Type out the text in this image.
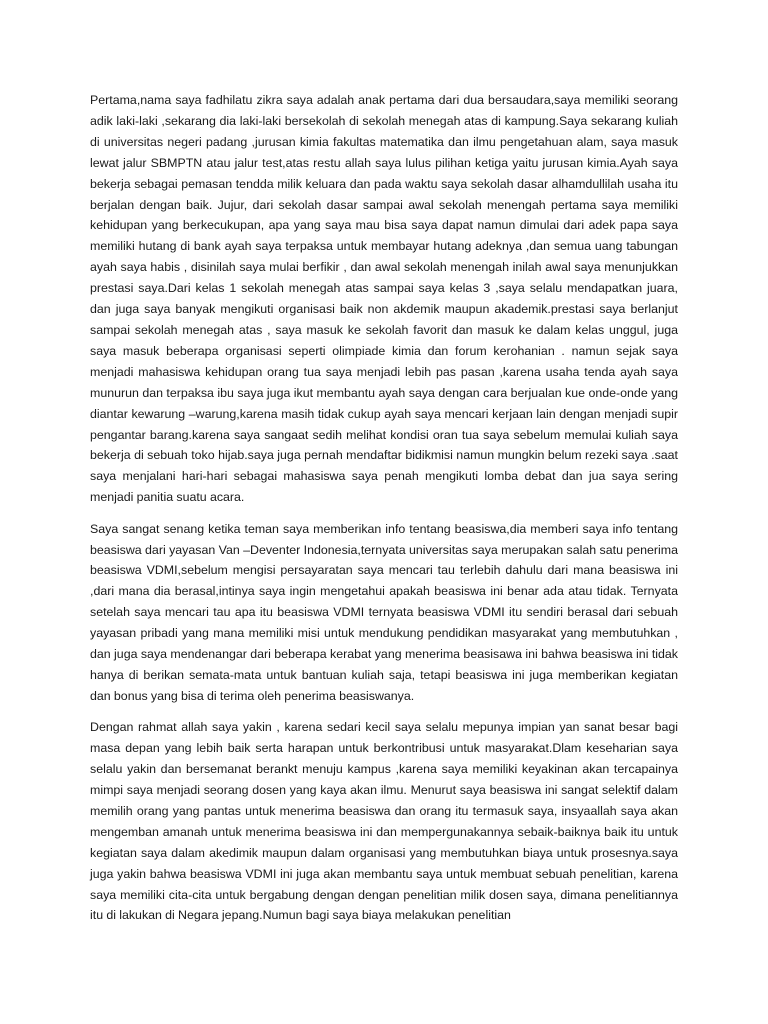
Pertama,nama saya fadhilatu zikra saya adalah anak pertama dari dua bersaudara,saya memiliki seorang adik laki-laki ,sekarang dia laki-laki bersekolah di sekolah menegah atas di kampung.Saya sekarang kuliah di universitas negeri padang ,jurusan kimia fakultas matematika dan ilmu pengetahuan alam, saya masuk lewat jalur SBMPTN atau jalur test,atas restu allah saya lulus pilihan ketiga yaitu jurusan kimia.Ayah saya bekerja sebagai pemasan tendda milik keluara dan pada waktu saya sekolah dasar alhamdullilah usaha itu berjalan dengan baik. Jujur, dari sekolah dasar sampai awal sekolah menengah pertama saya memiliki kehidupan yang berkecukupan, apa yang saya mau bisa saya dapat namun dimulai dari adek papa saya memiliki hutang di bank ayah saya terpaksa untuk membayar hutang adeknya ,dan semua uang tabungan ayah saya habis , disinilah saya mulai berfikir , dan awal sekolah menengah inilah awal saya menunjukkan prestasi saya.Dari kelas 1 sekolah menegah atas sampai saya kelas 3 ,saya selalu mendapatkan juara, dan juga saya banyak mengikuti organisasi baik non akdemik maupun akademik.prestasi saya berlanjut sampai sekolah menegah atas , saya masuk ke sekolah favorit dan masuk ke dalam kelas unggul, juga saya masuk beberapa organisasi seperti olimpiade kimia dan forum kerohanian . namun sejak saya menjadi mahasiswa kehidupan orang tua saya menjadi lebih pas pasan ,karena usaha tenda ayah saya munurun dan terpaksa ibu saya juga ikut membantu ayah saya dengan cara berjualan kue onde-onde yang diantar kewarung –warung,karena masih tidak cukup ayah saya mencari kerjaan lain dengan menjadi supir pengantar barang.karena saya sangaat sedih melihat kondisi oran tua saya sebelum memulai kuliah saya bekerja di sebuah toko hijab.saya juga pernah mendaftar bidikmisi namun mungkin belum rezeki saya .saat saya menjalani hari-hari sebagai mahasiswa saya penah mengikuti lomba debat dan jua saya sering menjadi panitia suatu acara.

Saya sangat senang ketika teman saya memberikan info tentang beasiswa,dia memberi saya info tentang beasiswa dari yayasan Van –Deventer Indonesia,ternyata universitas saya merupakan salah satu penerima beasiswa VDMI,sebelum mengisi persayaratan saya mencari tau terlebih dahulu dari mana beasiswa ini ,dari mana dia berasal,intinya saya ingin mengetahui apakah beasiswa ini benar ada atau tidak. Ternyata setelah saya mencari tau apa itu beasiswa VDMI ternyata beasiswa VDMI itu sendiri berasal dari sebuah yayasan pribadi yang mana memiliki misi untuk mendukung pendidikan masyarakat yang membutuhkan , dan juga saya mendenangar dari beberapa kerabat yang menerima beasisawa ini bahwa beasiswa ini tidak hanya di berikan semata-mata untuk bantuan kuliah saja, tetapi beasiswa ini juga memberikan kegiatan dan bonus yang bisa di terima oleh penerima beasiswanya.

Dengan rahmat allah saya yakin , karena sedari kecil saya selalu mepunya impian yan sanat besar bagi masa depan yang lebih baik serta harapan untuk berkontribusi untuk masyarakat.Dlam keseharian saya selalu yakin dan bersemanat berankt menuju kampus ,karena saya memiliki keyakinan akan tercapainya mimpi saya menjadi seorang dosen yang kaya akan ilmu. Menurut saya beasiswa ini sangat selektif dalam memilih orang yang pantas untuk menerima beasiswa dan orang itu termasuk saya, insyaallah saya akan mengemban amanah untuk menerima beasiswa ini dan mempergunakannya sebaik-baiknya baik itu untuk kegiatan saya dalam akedimik maupun dalam organisasi yang membutuhkan biaya untuk prosesnya.saya juga yakin bahwa beasiswa VDMI ini juga akan membantu saya untuk membuat sebuah penelitian, karena saya memiliki cita-cita untuk bergabung dengan dengan penelitian milik dosen saya, dimana penelitiannya itu di lakukan di Negara jepang.Numun bagi saya biaya melakukan penelitian
